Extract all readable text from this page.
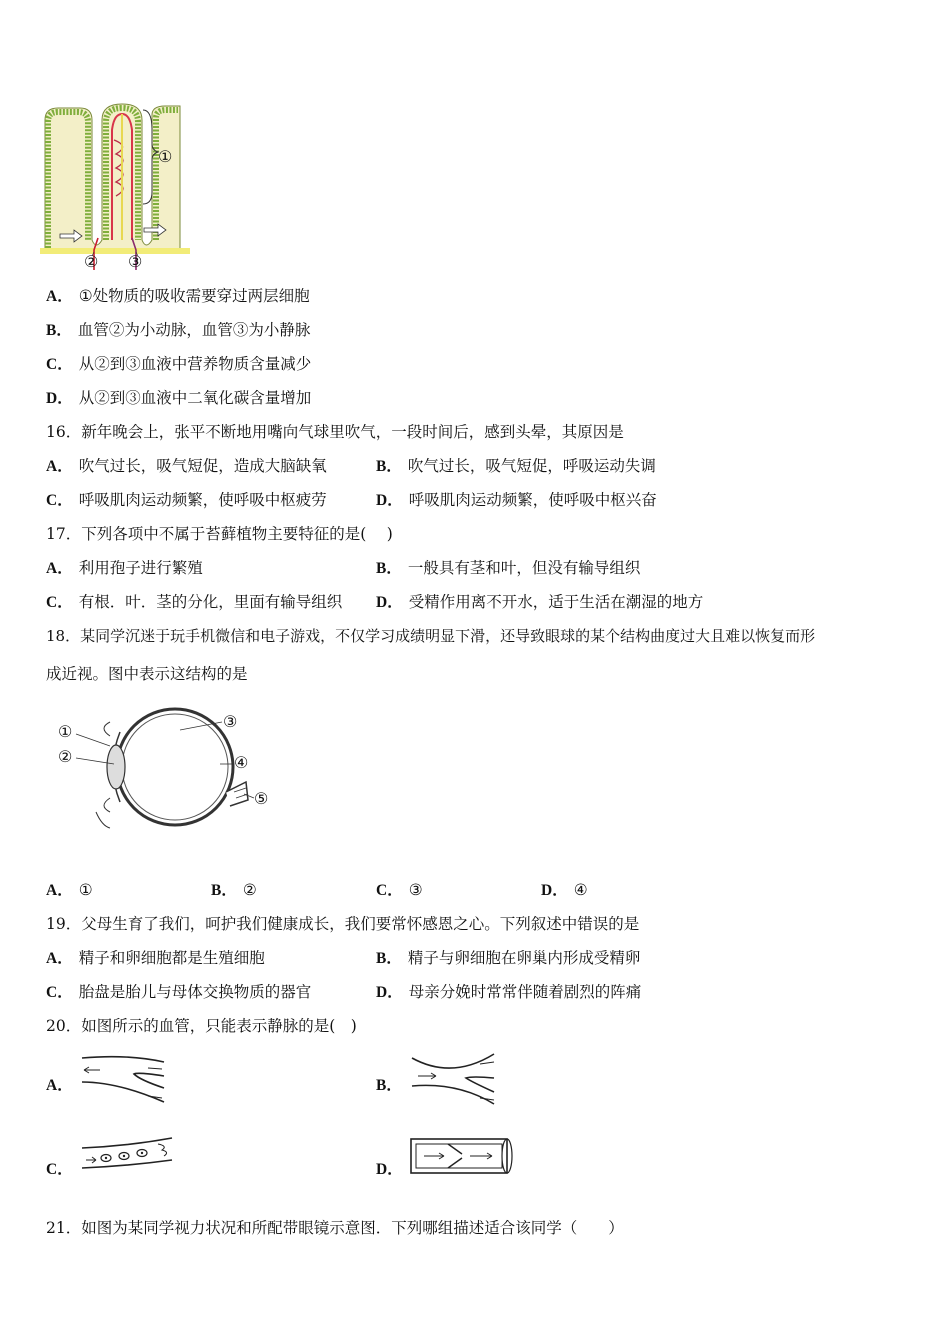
①
② ③
A． ①处物质的吸收需要穿过两层细胞
B． 血管②为小动脉，血管③为小静脉
C． 从②到③血液中营养物质含量减少
D． 从②到③血液中二氧化碳含量增加
16．新年晚会上，张平不断地用嘴向气球里吹气，一段时间后，感到头晕，其原因是
A． 吹气过长，吸气短促，造成大脑缺氧	B． 吹气过长，吸气短促，呼吸运动失调
C． 呼吸肌肉运动频繁，使呼吸中枢疲劳	D． 呼吸肌肉运动频繁，使呼吸中枢兴奋
17．下列各项中不属于苔藓植物主要特征的是(　 )
A． 利用孢子进行繁殖	B． 一般具有茎和叶，但没有输导组织
C． 有根．叶．茎的分化，里面有输导组织 D． 受精作用离不开水，适于生活在潮湿的地方
18．某同学沉迷于玩手机微信和电子游戏，不仅学习成绩明显下滑，还导致眼球的某个结构曲度过大且难以恢复而形
成近视。图中表示这结构的是
①
②
③
④
⑤
A． ①	B． ②	C． ③	D． ④
19．父母生育了我们，呵护我们健康成长，我们要常怀感恩之心。下列叙述中错误的是
A． 精子和卵细胞都是生殖细胞	B． 精子与卵细胞在卵巢内形成受精卵
C． 胎盘是胎儿与母体交换物质的器官	D． 母亲分娩时常常伴随着剧烈的阵痛
20．如图所示的血管，只能表示静脉的是(　)
A．	B．
C．	D．
21．如图为某同学视力状况和所配带眼镜示意图．下列哪组描述适合该同学（　　）
